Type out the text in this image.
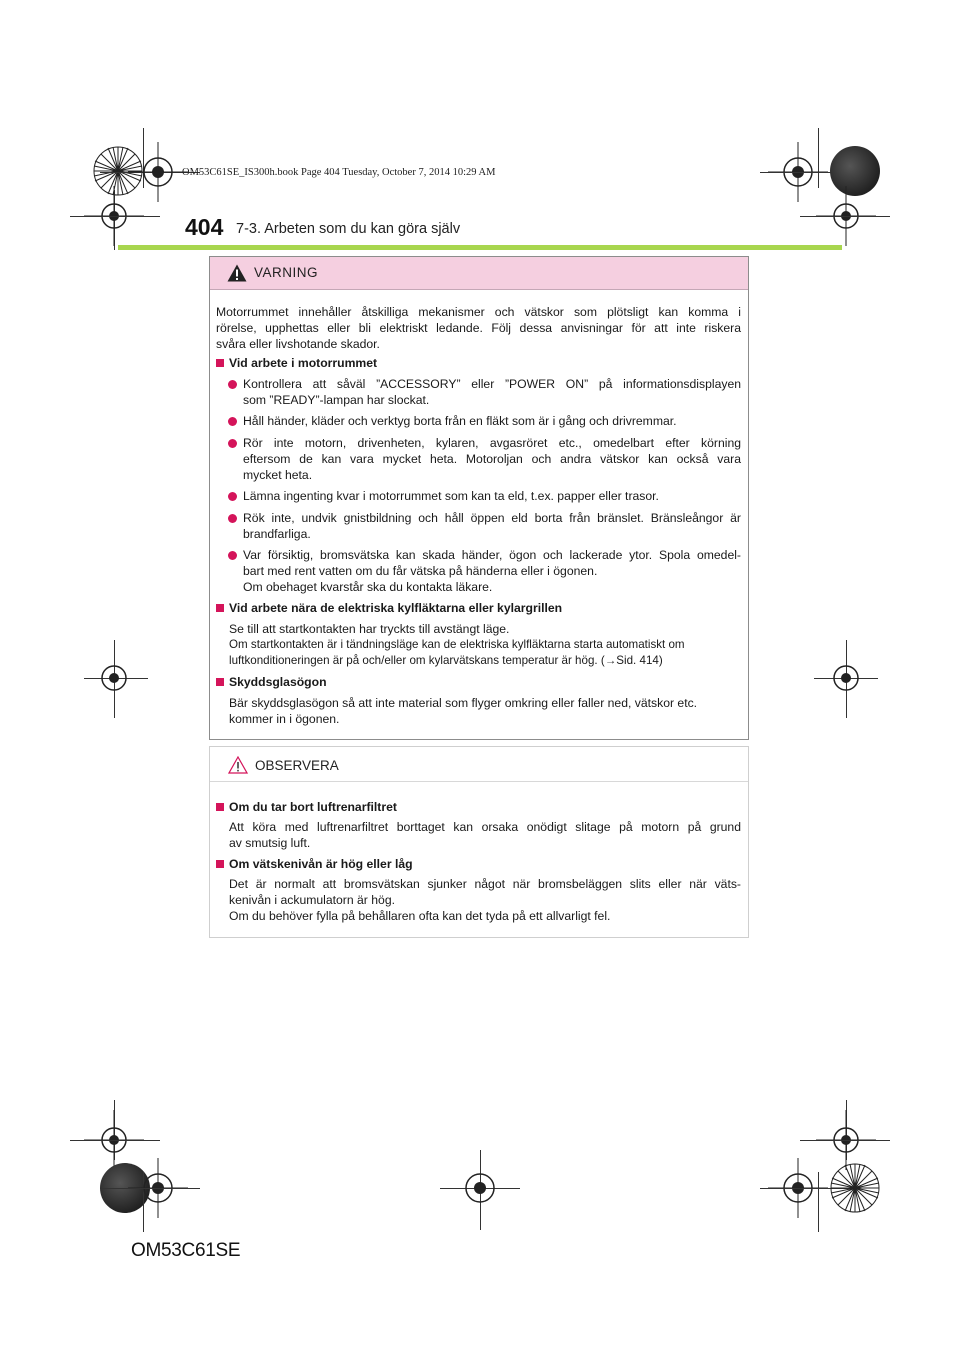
OM53C61SE_IS300h.book Page 404 Tuesday, October 7, 2014 10:29 AM
404 7-3. Arbeten som du kan göra själv
VARNING
Motorrummet innehåller åtskilliga mekanismer och vätskor som plötsligt kan komma i
rörelse, upphettas eller bli elektriskt ledande. Följ dessa anvisningar för att inte riskera
svåra eller livshotande skador.
Vid arbete i motorrummet
Kontrollera att såväl ”ACCESSORY” eller ”POWER ON” på informationsdisplayen
som ”READY”-lampan har slockat.
Håll händer, kläder och verktyg borta från en fläkt som är i gång och drivremmar.
Rör inte motorn, drivenheten, kylaren, avgasröret etc., omedelbart efter körning
eftersom de kan vara mycket heta. Motoroljan och andra vätskor kan också vara
mycket heta.
Lämna ingenting kvar i motorrummet som kan ta eld, t.ex. papper eller trasor.
Rök inte, undvik gnistbildning och håll öppen eld borta från bränslet. Bränsleångor är
brandfarliga.
Var försiktig, bromsvätska kan skada händer, ögon och lackerade ytor. Spola omedel-
bart med rent vatten om du får vätska på händerna eller i ögonen.
Om obehaget kvarstår ska du kontakta läkare.
Vid arbete nära de elektriska kylfläktarna eller kylargrillen
Se till att startkontakten har tryckts till avstängt läge.
Om startkontakten är i tändningsläge kan de elektriska kylfläktarna starta automatiskt om
luftkonditioneringen är på och/eller om kylarvätskans temperatur är hög. (→Sid. 414)
Skyddsglasögon
Bär skyddsglasögon så att inte material som flyger omkring eller faller ned, vätskor etc.
kommer in i ögonen.
OBSERVERA
Om du tar bort luftrenarfiltret
Att köra med luftrenarfiltret borttaget kan orsaka onödigt slitage på motorn på grund
av smutsig luft.
Om vätskenivån är hög eller låg
Det är normalt att bromsvätskan sjunker något när bromsbeläggen slits eller när väts-
kenivån i ackumulatorn är hög.
Om du behöver fylla på behållaren ofta kan det tyda på ett allvarligt fel.
OM53C61SE
